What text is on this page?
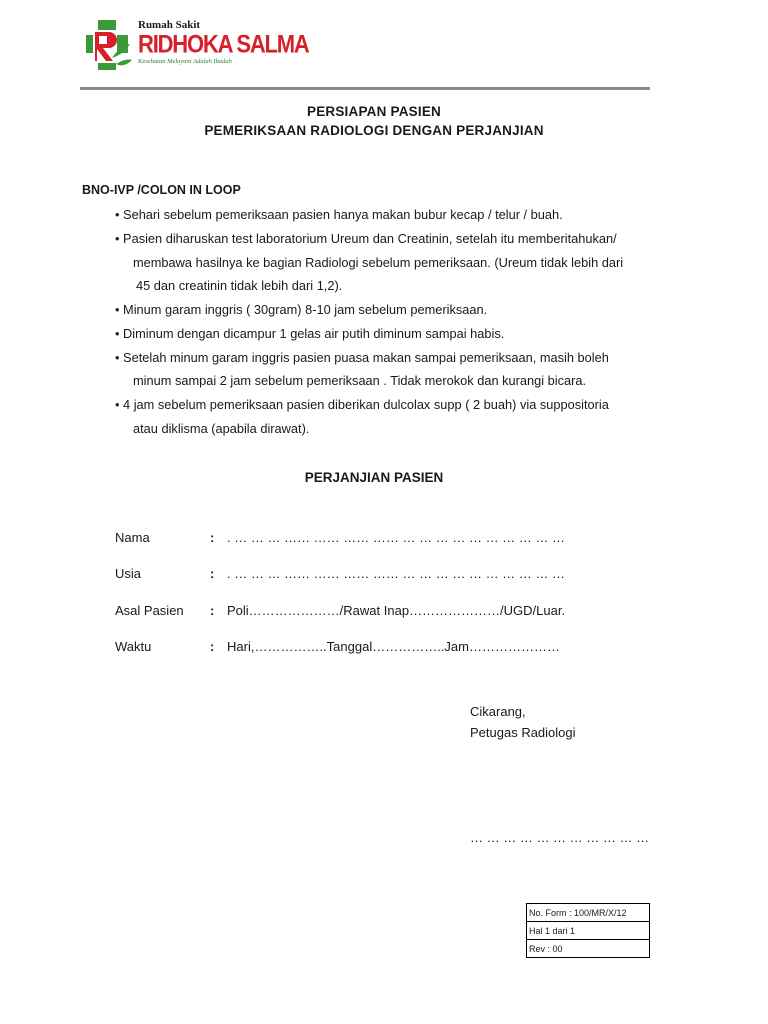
Rumah Sakit
RIDHOKA SALMA
Kesehatan Melayani Adalah Ibadah
PERSIAPAN PASIEN
PEMERIKSAAN RADIOLOGI DENGAN PERJANJIAN
BNO-IVP /COLON IN LOOP
• Sehari sebelum pemeriksaan pasien hanya makan bubur kecap / telur / buah.
• Pasien diharuskan test laboratorium Ureum dan Creatinin, setelah itu memberitahukan/
membawa hasilnya ke bagian Radiologi sebelum pemeriksaan. (Ureum tidak lebih dari
45 dan creatinin tidak lebih dari 1,2).
• Minum garam inggris ( 30gram) 8-10 jam sebelum pemeriksaan.
• Diminum dengan dicampur 1 gelas air putih diminum sampai habis.
• Setelah minum garam inggris pasien puasa makan sampai pemeriksaan, masih boleh
minum sampai 2 jam sebelum pemeriksaan . Tidak merokok dan kurangi bicara.
• 4 jam sebelum pemeriksaan pasien diberikan dulcolax supp ( 2 buah) via suppositoria
atau diklisma (apabila dirawat).
PERJANJIAN PASIEN
Nama	: . … … … …… …… …… …… … … … … … … … … … …
Usia	: . … … … …… …… …… …… … … … … … … … … … …
Asal Pasien : Poli…………………/Rawat Inap…………………/UGD/Luar.
Waktu	: Hari,……………..Tanggal……………..Jam…………………
Cikarang,
Petugas Radiologi
… … … … … … … … … … …
No. Form : 100/MR/X/12
Hal 1 dari 1
Rev : 00
